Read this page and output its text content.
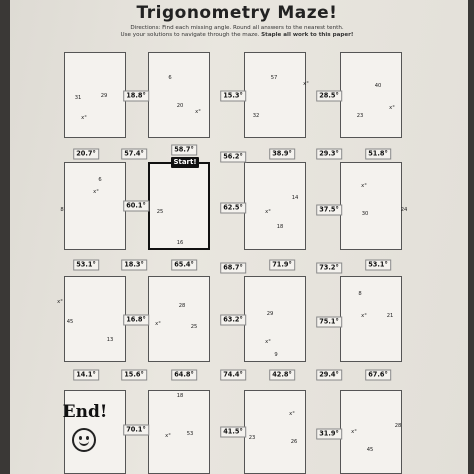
Trigonometry Maze!
Directions: Find each missing angle. Round all answers to the nearest tenth.
Use your solutions to navigate through the maze. Staple all work to this paper!
Start!
End!
18.8°	15.3°	28.5°
20.7°	57.4°	58.7°
56.2°	38.9°	29.3°	51.8°
60.1°	62.5°	37.5°
53.1°	18.3°	65.4°	68.7°	71.9°	73.2°	53.1°
16.8°	63.2°	75.1°
14.1°	15.6°	64.8°	74.4°	42.8°	29.4°	67.6°
70.1°	41.5°	31.9°
31	29
x°
6
20
x°
57
x°
32
40
23
x°
6
x°
8	25
16
14
x°
18
x°
30
24
45
x°
13
28
25
x°
29
x°
9
8
x°	21
18
53
x°	23
26
x°
28
45
x°
